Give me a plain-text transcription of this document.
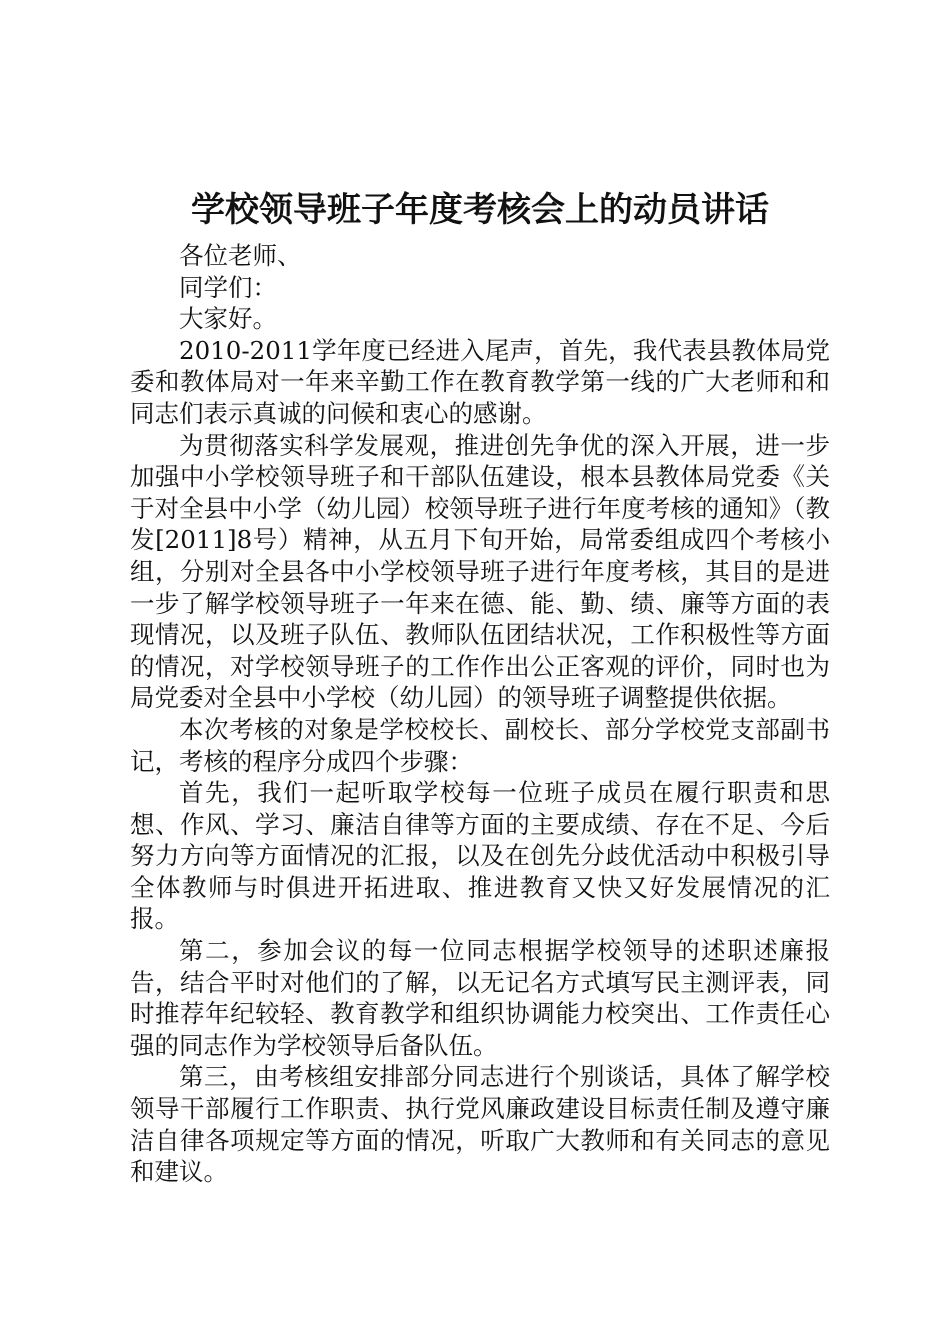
学校领导班子年度考核会上的动员讲话

各位老师、

同学们：

大家好。

2010-2011学年度已经进入尾声，首先，我代表县教体局党委和教体局对一年来辛勤工作在教育教学第一线的广大老师和和同志们表示真诚的问候和衷心的感谢。

为贯彻落实科学发展观，推进创先争优的深入开展，进一步加强中小学校领导班子和干部队伍建设，根本县教体局党委《关于对全县中小学（幼儿园）校领导班子进行年度考核的通知》（教发[2011]8号）精神，从五月下旬开始，局常委组成四个考核小组，分别对全县各中小学校领导班子进行年度考核，其目的是进一步了解学校领导班子一年来在德、能、勤、绩、廉等方面的表现情况，以及班子队伍、教师队伍团结状况，工作积极性等方面的情况，对学校领导班子的工作作出公正客观的评价，同时也为局党委对全县中小学校（幼儿园）的领导班子调整提供依据。

本次考核的对象是学校校长、副校长、部分学校党支部副书记，考核的程序分成四个步骤：

首先，我们一起听取学校每一位班子成员在履行职责和思想、作风、学习、廉洁自律等方面的主要成绩、存在不足、今后努力方向等方面情况的汇报，以及在创先分歧优活动中积极引导全体教师与时俱进开拓进取、推进教育又快又好发展情况的汇报。

第二，参加会议的每一位同志根据学校领导的述职述廉报告，结合平时对他们的了解，以无记名方式填写民主测评表，同时推荐年纪较轻、教育教学和组织协调能力校突出、工作责任心强的同志作为学校领导后备队伍。

第三，由考核组安排部分同志进行个别谈话，具体了解学校领导干部履行工作职责、执行党风廉政建设目标责任制及遵守廉洁自律各项规定等方面的情况，听取广大教师和有关同志的意见和建议。
